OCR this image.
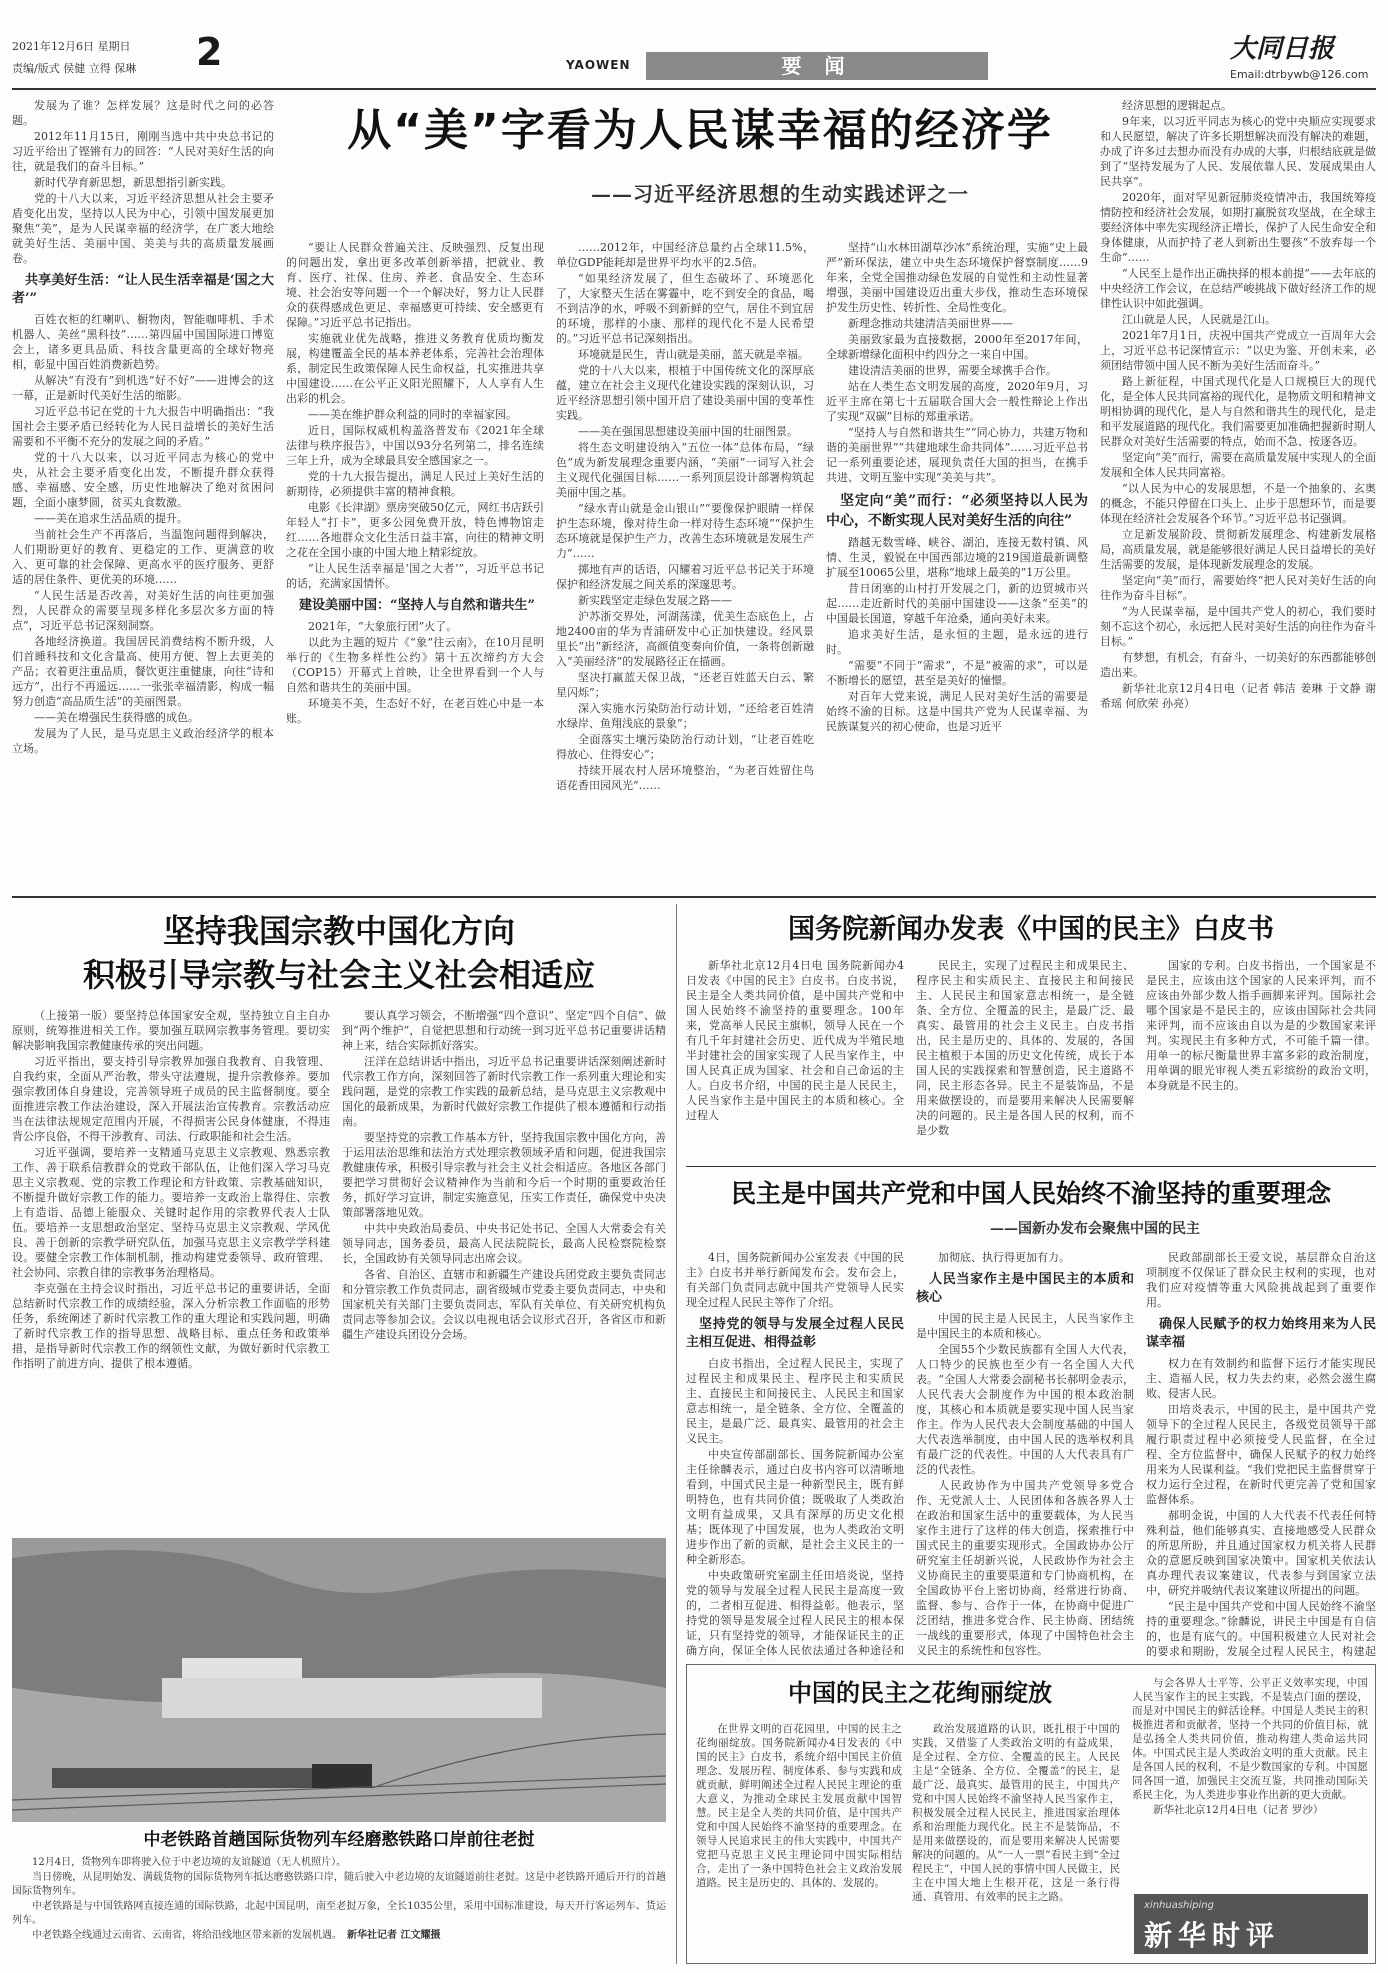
2021年12月6日 星期日 2
责编/版式 侯健 立得 保琳	YAOWEN	要 闻
大同日报
Email:dtrbywb@126.com

发展为了谁？怎样发展？这是时代之问的必答题。

2012年11月15日，刚刚当选中共中央总书记的习近平给出了铿锵有力的回答：“人民对美好生活的向往，就是我们的奋斗目标。”

新时代孕育新思想，新思想指引新实践。

党的十八大以来，习近平经济思想从社会主要矛盾变化出发，坚持以人民为中心，引领中国发展更加聚焦“美”，是为人民谋幸福的经济学，在广袤大地绘就美好生活、美丽中国、美美与共的高质量发展画卷。

共享美好生活：“让人民生活幸福是‘国之大者’”

百姓衣柜的红喇叭、橱物肉，智能咖啡机、手术机器人、美丝“黑科技”……第四届中国国际进口博览会上，诸多更具品质、科技含量更高的全球好物亮相，彰显中国百姓消费新趋势。

从解决“有没有”到机选“好不好”——进博会的这一幕，正是新时代美好生活的缩影。

习近平总书记在党的十九大报告中明确指出：“我国社会主要矛盾已经转化为人民日益增长的美好生活需要和不平衡不充分的发展之间的矛盾。”

党的十八大以来，以习近平同志为核心的党中央，从社会主要矛盾变化出发，不断提升群众获得感、幸福感、安全感，历史性地解决了绝对贫困问题，全面小康梦圆，贫买丸食数激。

——美在追求生活品质的提升。

当前社会生产不再落后，当温饱问题得到解决，人们期盼更好的教育、更稳定的工作、更满意的收入、更可靠的社会保障、更高水平的医疗服务、更舒适的居住条件、更优美的环境……

“人民生活是否改善，对美好生活的向往更加强烈，人民群众的需要呈现多样化多层次多方面的特点”，习近平总书记深刻洞察。

各地经济换道。我国居民消费结构不断升级，人们首睡科技和文化含量高、使用方便、智上去更美的产品；衣着更注重品质，餐饮更注重健康，向往“诗和远方”，出行不再遥远……一张张幸福清影，构成一幅努力创造“高品质生活”的美丽图景。

——美在增强民生获得感的成色。

发展为了人民，是马克思主义政治经济学的根本立场。

从“美”字看为人民谋幸福的经济学
——习近平经济思想的生动实践述评之一

“要让人民群众普遍关注、反映强烈、反复出现的问题出发，拿出更多改革创新举措，把就业、教育、医疗、社保、住房、养老、食品安全、生态环境、社会治安等问题一个一个解决好，努力让人民群众的获得感成色更足、幸福感更可持续、安全感更有保障。”习近平总书记指出。

实施就业优先战略，推进义务教育优质均衡发展，构建覆盖全民的基本养老体系，完善社会治理体系，制定民生政策保障人民生命权益，扎实推进共享中国建设……在公平正义阳光照耀下，人人享有人生出彩的机会。

——美在维护群众利益的同时的幸福家园。

近日，国际权威机构盖洛普发布《2021年全球法律与秩序报告》，中国以93分名列第二，排名连续三年上升，成为全球最具安全感国家之一。

党的十九大报告提出，满足人民过上美好生活的新期待，必须提供丰富的精神食粮。

电影《长津湖》票房突破50亿元，网红书店跃引年轻人“打卡”，更多公园免费开放，特色博物馆走红……各地群众文化生活日益丰富，向往的精神文明之花在全国小康的中国大地上精彩绽放。

“让人民生活幸福是‘国之大者’”，习近平总书记的话，充满家国情怀。

建设美丽中国：“坚持人与自然和谐共生”

2021年，“大象旅行团”火了。

以此为主题的短片《“象”往云南》，在10月昆明举行的《生物多样性公约》第十五次缔约方大会（COP15）开幕式上首映，让全世界看到一个人与自然和谐共生的美丽中国。

环境美不美，生态好不好，在老百姓心中是一本账。

……2012年，中国经济总量约占全球11.5%，单位GDP能耗却是世界平均水平的2.5倍。

“如果经济发展了，但生态破坏了、环境恶化了，大家整天生活在雾霾中，吃不到安全的食品，喝不到洁净的水，呼吸不到新鲜的空气，居住不到宜居的环境，那样的小康、那样的现代化不是人民希望的。”习近平总书记深刻指出。

环境就是民生，青山就是美丽，蓝天就是幸福。

党的十八大以来，根植于中国传统文化的深厚底蕴，建立在社会主义现代化建设实践的深刻认识，习近平经济思想引领中国开启了建设美丽中国的变革性实践。

——美在强国思想建设美丽中国的壮丽图景。

将生态文明建设纳入“五位一体”总体布局，“绿色”成为新发展理念重要内涵，“美丽”一词写入社会主义现代化强国目标……一系列顶层设计部署构筑起美丽中国之基。

“绿水青山就是金山银山”“要像保护眼睛一样保护生态环境，像对待生命一样对待生态环境”“保护生态环境就是保护生产力，改善生态环境就是发展生产力”……

掷地有声的话语，闪耀着习近平总书记关于环境保护和经济发展之间关系的深邃思考。

新实践坚定走绿色发展之路——

沪苏浙交界处，河湖荡漾，优美生态底色上，占地2400亩的华为青浦研发中心正加快建设。经风景里长“出”新经济，高颜值变奏向价值，一条将创新融入“美丽经济”的发展路径正在描画。

坚决打赢蓝天保卫战，“还老百姓蓝天白云、繁星闪烁”；

深入实施水污染防治行动计划，“还给老百姓清水绿岸、鱼翔浅底的景象”；

全面落实土壤污染防治行动计划，“让老百姓吃得放心、住得安心”；

持续开展农村人居环境整治，“为老百姓留住鸟语花香田园风光”……

坚持“山水林田湖草沙冰”系统治理，实施“史上最严”新环保法，建立中央生态环境保护督察制度……9年来，全党全国推动绿色发展的自觉性和主动性显著增强，美丽中国建设迈出重大步伐，推动生态环境保护发生历史性、转折性、全局性变化。

新理念推动共建清洁美丽世界——

美丽致家最为直接数据，2000年至2017年间，全球新增绿化面积中约四分之一来自中国。

建设清洁美丽的世界，需要全球携手合作。

站在人类生态文明发展的高度，2020年9月，习近平主席在第七十五届联合国大会一般性辩论上作出了实现“双碳”目标的郑重承诺。

“坚持人与自然和谐共生”“同心协力，共建万物和谐的美丽世界”“共建地球生命共同体”……习近平总书记一系列重要论述，展现负责任大国的担当，在携手共进、文明互鉴中实现“美美与共”。

坚定向“美”而行：“必须坚持以人民为中心，不断实现人民对美好生活的向往”

踏越无数雪峰、峡谷、湖泊，连接无数村镇、风情、生灵，毅锐在中国西部边境的219国道最新调整扩展至10065公里，堪称“地球上最美的”1万公里。

昔日闭塞的山村打开发展之门，新的边贸城市兴起……走近新时代的美丽中国建设——这条“至美”的中国最长国道，穿越千年沧桑，通向美好未来。

追求美好生活，是永恒的主题，是永远的进行时。

“需要”不同于“需求”，不是“被需的求”，可以是不断增长的愿望，甚至是美好的憧憬。

对百年大党来说，满足人民对美好生活的需要是始终不渝的目标。这是中国共产党为人民谋幸福、为民族谋复兴的初心使命，也是习近平

经济思想的逻辑起点。

9年来，以习近平同志为核心的党中央顺应实现要求和人民愿望，解决了许多长期想解决而没有解决的难题，办成了许多过去想办而没有办成的大事，归根结底就是做到了“坚持发展为了人民、发展依靠人民、发展成果由人民共享”。

2020年，面对罕见新冠肺炎疫情冲击，我国统筹疫情防控和经济社会发展，如期打赢脱贫攻坚战，在全球主要经济体中率先实现经济正增长，保护了人民生命安全和身体健康，从而护持了老人到新出生婴孩“不放弃每一个生命”……

“人民至上是作出正确抉择的根本前提”——去年底的中央经济工作会议，在总结严峻挑战下做好经济工作的规律性认识中如此强调。

江山就是人民，人民就是江山。

2021年7月1日，庆祝中国共产党成立一百周年大会上，习近平总书记深情宣示：“以史为鉴、开创未来，必须团结带领中国人民不断为美好生活而奋斗。”

路上新征程，中国式现代化是人口规模巨大的现代化，是全体人民共同富裕的现代化，是物质文明和精神文明相协调的现代化，是人与自然和谐共生的现代化，是走和平发展道路的现代化。我们需要更加准确把握新时期人民群众对美好生活需要的特点，始而不急、按逐各迈。

坚定向“美”而行，需要在高质量发展中实现人的全面发展和全体人民共同富裕。

“以人民为中心的发展思想，不是一个抽象的、玄奥的概念，不能只停留在口头上、止步于思想环节，而是要体现在经济社会发展各个环节。”习近平总书记强调。

立足新发展阶段、贯彻新发展理念、构建新发展格局，高质量发展，就是能够很好满足人民日益增长的美好生活需要的发展，是体现新发展理念的发展。

坚定向“美”而行，需要始终“把人民对美好生活的向往作为奋斗目标”。

“为人民谋幸福，是中国共产党人的初心，我们要时刻不忘这个初心，永远把人民对美好生活的向往作为奋斗目标。”

有梦想，有机会，有奋斗，一切美好的东西都能够创造出来。

新华社北京12月4日电（记者 韩洁 姜琳 于文静 谢希瑶 何欣荣 孙亮）

坚持我国宗教中国化方向
积极引导宗教与社会主义社会相适应

（上接第一版）要坚持总体国家安全观，坚持独立自主自办原则，统筹推进相关工作。要加强互联网宗教事务管理。要切实解决影响我国宗教健康传承的突出问题。

习近平指出，要支持引导宗教界加强自我教育、自我管理、自我约束，全面从严治教，带头守法遵规，提升宗教修养。要加强宗教团体自身建设，完善领导班子成员的民主监督制度。要全面推进宗教工作法治建设，深入开展法治宣传教育。宗教活动应当在法律法规规定范围内开展，不得损害公民身体健康，不得违背公序良俗，不得干涉教育、司法、行政职能和社会生活。

习近平强调，要培养一支精通马克思主义宗教观、熟悉宗教工作、善于联系信教群众的党政干部队伍，让他们深入学习马克思主义宗教观、党的宗教工作理论和方针政策、宗教基础知识，不断提升做好宗教工作的能力。要培养一支政治上靠得住、宗教上有造诣、品德上能服众、关键时起作用的宗教界代表人士队伍。要培养一支思想政治坚定、坚持马克思主义宗教观、学风优良、善于创新的宗教学研究队伍，加强马克思主义宗教学学科建设。要健全宗教工作体制机制，推动构建党委领导、政府管理、社会协同、宗教自律的宗教事务治理格局。

李克强在主持会议时指出，习近平总书记的重要讲话，全面总结新时代宗教工作的成绩经验，深入分析宗教工作面临的形势任务，系统阐述了新时代宗教工作的重大理论和实践问题，明确了新时代宗教工作的指导思想、战略目标、重点任务和政策举措，是指导新时代宗教工作的纲领性文献，为做好新时代宗教工作指明了前进方向、提供了根本遵循。

要认真学习领会，不断增强“四个意识”、坚定“四个自信”、做到“两个维护”，自觉把思想和行动统一到习近平总书记重要讲话精神上来，结合实际抓好落实。

汪洋在总结讲话中指出，习近平总书记重要讲话深刻阐述新时代宗教工作方向，深刻回答了新时代宗教工作一系列重大理论和实践问题，是党的宗教工作实践的最新总结，是马克思主义宗教观中国化的最新成果，为新时代做好宗教工作提供了根本遵循和行动指南。

要坚持党的宗教工作基本方针，坚持我国宗教中国化方向，善于运用法治思维和法治方式处理宗教领域矛盾和问题，促进我国宗教健康传承，积极引导宗教与社会主义社会相适应。各地区各部门要把学习贯彻好会议精神作为当前和今后一个时期的重要政治任务，抓好学习宣讲，制定实施意见，压实工作责任，确保党中央决策部署落地见效。

中共中央政治局委员、中央书记处书记、全国人大常委会有关领导同志，国务委员，最高人民法院院长，最高人民检察院检察长，全国政协有关领导同志出席会议。

各省、自治区、直辖市和新疆生产建设兵团党政主要负责同志和分管宗教工作负责同志，副省级城市党委主要负责同志，中央和国家机关有关部门主要负责同志，军队有关单位、有关研究机构负责同志等参加会议。会议以电视电话会议形式召开，各省区市和新疆生产建设兵团设分会场。

中老铁路首趟国际货物列车经磨憨铁路口岸前往老挝

12月4日，货物列车即将驶入位于中老边境的友谊隧道（无人机照片）。

当日傍晚，从昆明始发、满载货物的国际货物列车抵达磨憨铁路口岸，随后驶入中老边境的友谊隧道前往老挝。这是中老铁路开通后开行的首趟国际货物列车。

中老铁路是与中国铁路网直接连通的国际铁路，北起中国昆明，南至老挝万象，全长1035公里，采用中国标准建设，每天开行客运列车、货运列车。

中老铁路全线通过云南省、云南省，将给沿线地区带来新的发展机遇。　 新华社记者 江文耀摄

国务院新闻办发表《中国的民主》白皮书

新华社北京12月4日电 国务院新闻办4日发表《中国的民主》白皮书。白皮书说，民主是全人类共同价值，是中国共产党和中国人民始终不渝坚持的重要理念。100年来，党高举人民民主旗帜，领导人民在一个有几千年封建社会历史、近代成为半殖民地半封建社会的国家实现了人民当家作主，中国人民真正成为国家、社会和自己命运的主人。白皮书介绍，中国的民主是人民民主，人民当家作主是中国民主的本质和核心。全过程人

民民主，实现了过程民主和成果民主、程序民主和实质民主、直接民主和间接民主、人民民主和国家意志相统一，是全链条、全方位、全覆盖的民主，是最广泛、最真实、最管用的社会主义民主。白皮书指出，民主是历史的、具体的、发展的，各国民主植根于本国的历史文化传统，成长于本国人民的实践探索和智慧创造，民主道路不同，民主形态各异。民主不是装饰品，不是用来做摆设的，而是要用来解决人民需要解决的问题的。民主是各国人民的权利，而不是少数

国家的专利。白皮书指出，一个国家是不是民主，应该由这个国家的人民来评判，而不应该由外部少数人指手画脚来评判。国际社会哪个国家是不是民主的，应该由国际社会共同来评判，而不应该由自以为是的少数国家来评判。实现民主有多种方式，不可能千篇一律。用单一的标尺衡量世界丰富多彩的政治制度，用单调的眼光审视人类五彩缤纷的政治文明，本身就是不民主的。

民主是中国共产党和中国人民始终不渝坚持的重要理念
——国新办发布会聚焦中国的民主

4日，国务院新闻办公室发表《中国的民主》白皮书并举行新闻发布会。发布会上，有关部门负责同志就中国共产党领导人民实现全过程人民民主等作了介绍。

坚持党的领导与发展全过程人民民主相互促进、相得益彰

白皮书指出，全过程人民民主，实现了过程民主和成果民主、程序民主和实质民主、直接民主和间接民主、人民民主和国家意志相统一，是全链条、全方位、全覆盖的民主，是最广泛、最真实、最管用的社会主义民主。

中央宣传部副部长、国务院新闻办公室主任徐麟表示，通过白皮书内容可以清晰地看到，中国式民主是一种新型民主，既有鲜明特色，也有共同价值；既吸取了人类政治文明有益成果，又具有深厚的历史文化根基；既体现了中国发展，也为人类政治文明进步作出了新的贡献，是社会主义民主的一种全新形态。

中央政策研究室副主任田培炎说，坚持党的领导与发展全过程人民民主是高度一致的，二者相互促进、相得益彰。他表示，坚持党的领导是发展全过程人民民主的根本保证，只有坚持党的领导，才能保证民主的正确方向，保证全体人民依法通过各种途径和

加彻底、执行得更加有力。

人民当家作主是中国民主的本质和核心

中国的民主是人民民主，人民当家作主是中国民主的本质和核心。

全国55个少数民族都有全国人大代表，人口特少的民族也至少有一名全国人大代表。“全国人大常委会副秘书长郝明金表示，人民代表大会制度作为中国的根本政治制度，其核心和本质就是要实现中国人民当家作主。作为人民代表大会制度基础的中国人大代表选举制度，由中国人民的选举权利具有最广泛的代表性。中国的人大代表具有广泛的代表性。

人民政协作为中国共产党领导多党合作、无党派人士、人民团体和各族各界人士在政治和国家生活中的重要载体，为人民当家作主进行了这样的伟大创造，探索推行中国式民主的重要实现形式。全国政协办公厅研究室主任胡新兴说，人民政协作为社会主义协商民主的重要渠道和专门协商机构，在全国政协平台上密切协商，经常进行协商、监督、参与、合作于一体，在协商中促进广泛团结，推进多党合作、民主协商、团结统一战线的重要形式，体现了中国特色社会主义民主的系统性和包容性。

民政部副部长王爱文说，基层群众自治这项制度不仅保证了群众民主权利的实现，也对我们应对疫情等重大风险挑战起到了重要作用。

确保人民赋予的权力始终用来为人民谋幸福

权力在有效制约和监督下运行才能实现民主、造福人民，权力失去约束，必然会滋生腐败、侵害人民。

田培炎表示，中国的民主，是中国共产党领导下的全过程人民民主，各级党员领导干部履行职责过程中必须接受人民监督，在全过程、全方位监督中，确保人民赋予的权力始终用来为人民谋利益。“我们党把民主监督贯穿于权力运行全过程，在新时代更完善了党和国家监督体系。

郝明金说，中国的人大代表不代表任何特殊利益，他们能够真实、直接地感受人民群众的所思所盼，并且通过国家权力机关将人民群众的意愿反映到国家决策中。国家机关依法认真办理代表议案建议，代表参与到国家立法中，研究并吸纳代表议案建议所提出的问题。

“民主是中国共产党和中国人民始终不渝坚持的重要理念。”徐麟说，讲民主中国是有自信的，也是有底气的。中国积极建立人民对社会的要求和期盼，发展全过程人民民主，构建起

中国的民主之花绚丽绽放

在世界文明的百花园里，中国的民主之花绚丽绽放。国务院新闻办4日发表的《中国的民主》白皮书，系统介绍中国民主价值理念、发展历程、制度体系、参与实践和成就贡献，鲜明阐述全过程人民民主理论的重大意义，为推动全球民主发展贡献中国智慧。民主是全人类的共同价值，是中国共产党和中国人民始终不渝坚持的重要理念。在领导人民追求民主的伟大实践中，中国共产党把马克思主义民主理论同中国实际相结合，走出了一条中国特色社会主义政治发展道路。民主是历史的、具体的、发展的。

政治发展道路的认识，既扎根于中国的实践，又借鉴了人类政治文明的有益成果，是全过程、全方位、全覆盖的民主。人民民主是“全链条、全方位、全覆盖”的民主，是最广泛、最真实、最管用的民主，中国共产党和中国人民始终不渝坚持人民当家作主，积极发展全过程人民民主，推进国家治理体系和治理能力现代化。民主不是装饰品，不是用来做摆设的，而是要用来解决人民需要解决的问题的。从“一人一票”看民主到“全过程民主”，中国人民的事情中国人民做主，民主在中国大地上生根开花，这是一条行得通、真管用、有效率的民主之路。

与会各界人士平等、公平正义效率实现，中国人民当家作主的民主实践，不是装点门面的摆设，而是对中国民主的鲜活诠释。中国是人类民主的积极推进者和贡献者，坚持一个共同的价值目标，就是弘扬全人类共同价值，推动构建人类命运共同体。中国式民主是人类政治文明的重大贡献。民主是各国人民的权利，不是少数国家的专利。中国愿同各国一道，加强民主交流互鉴，共同推动国际关系民主化，为人类进步事业作出新的更大贡献。

新华社北京12月4日电（记者 罗沙）

xinhuashiping
新华时评
